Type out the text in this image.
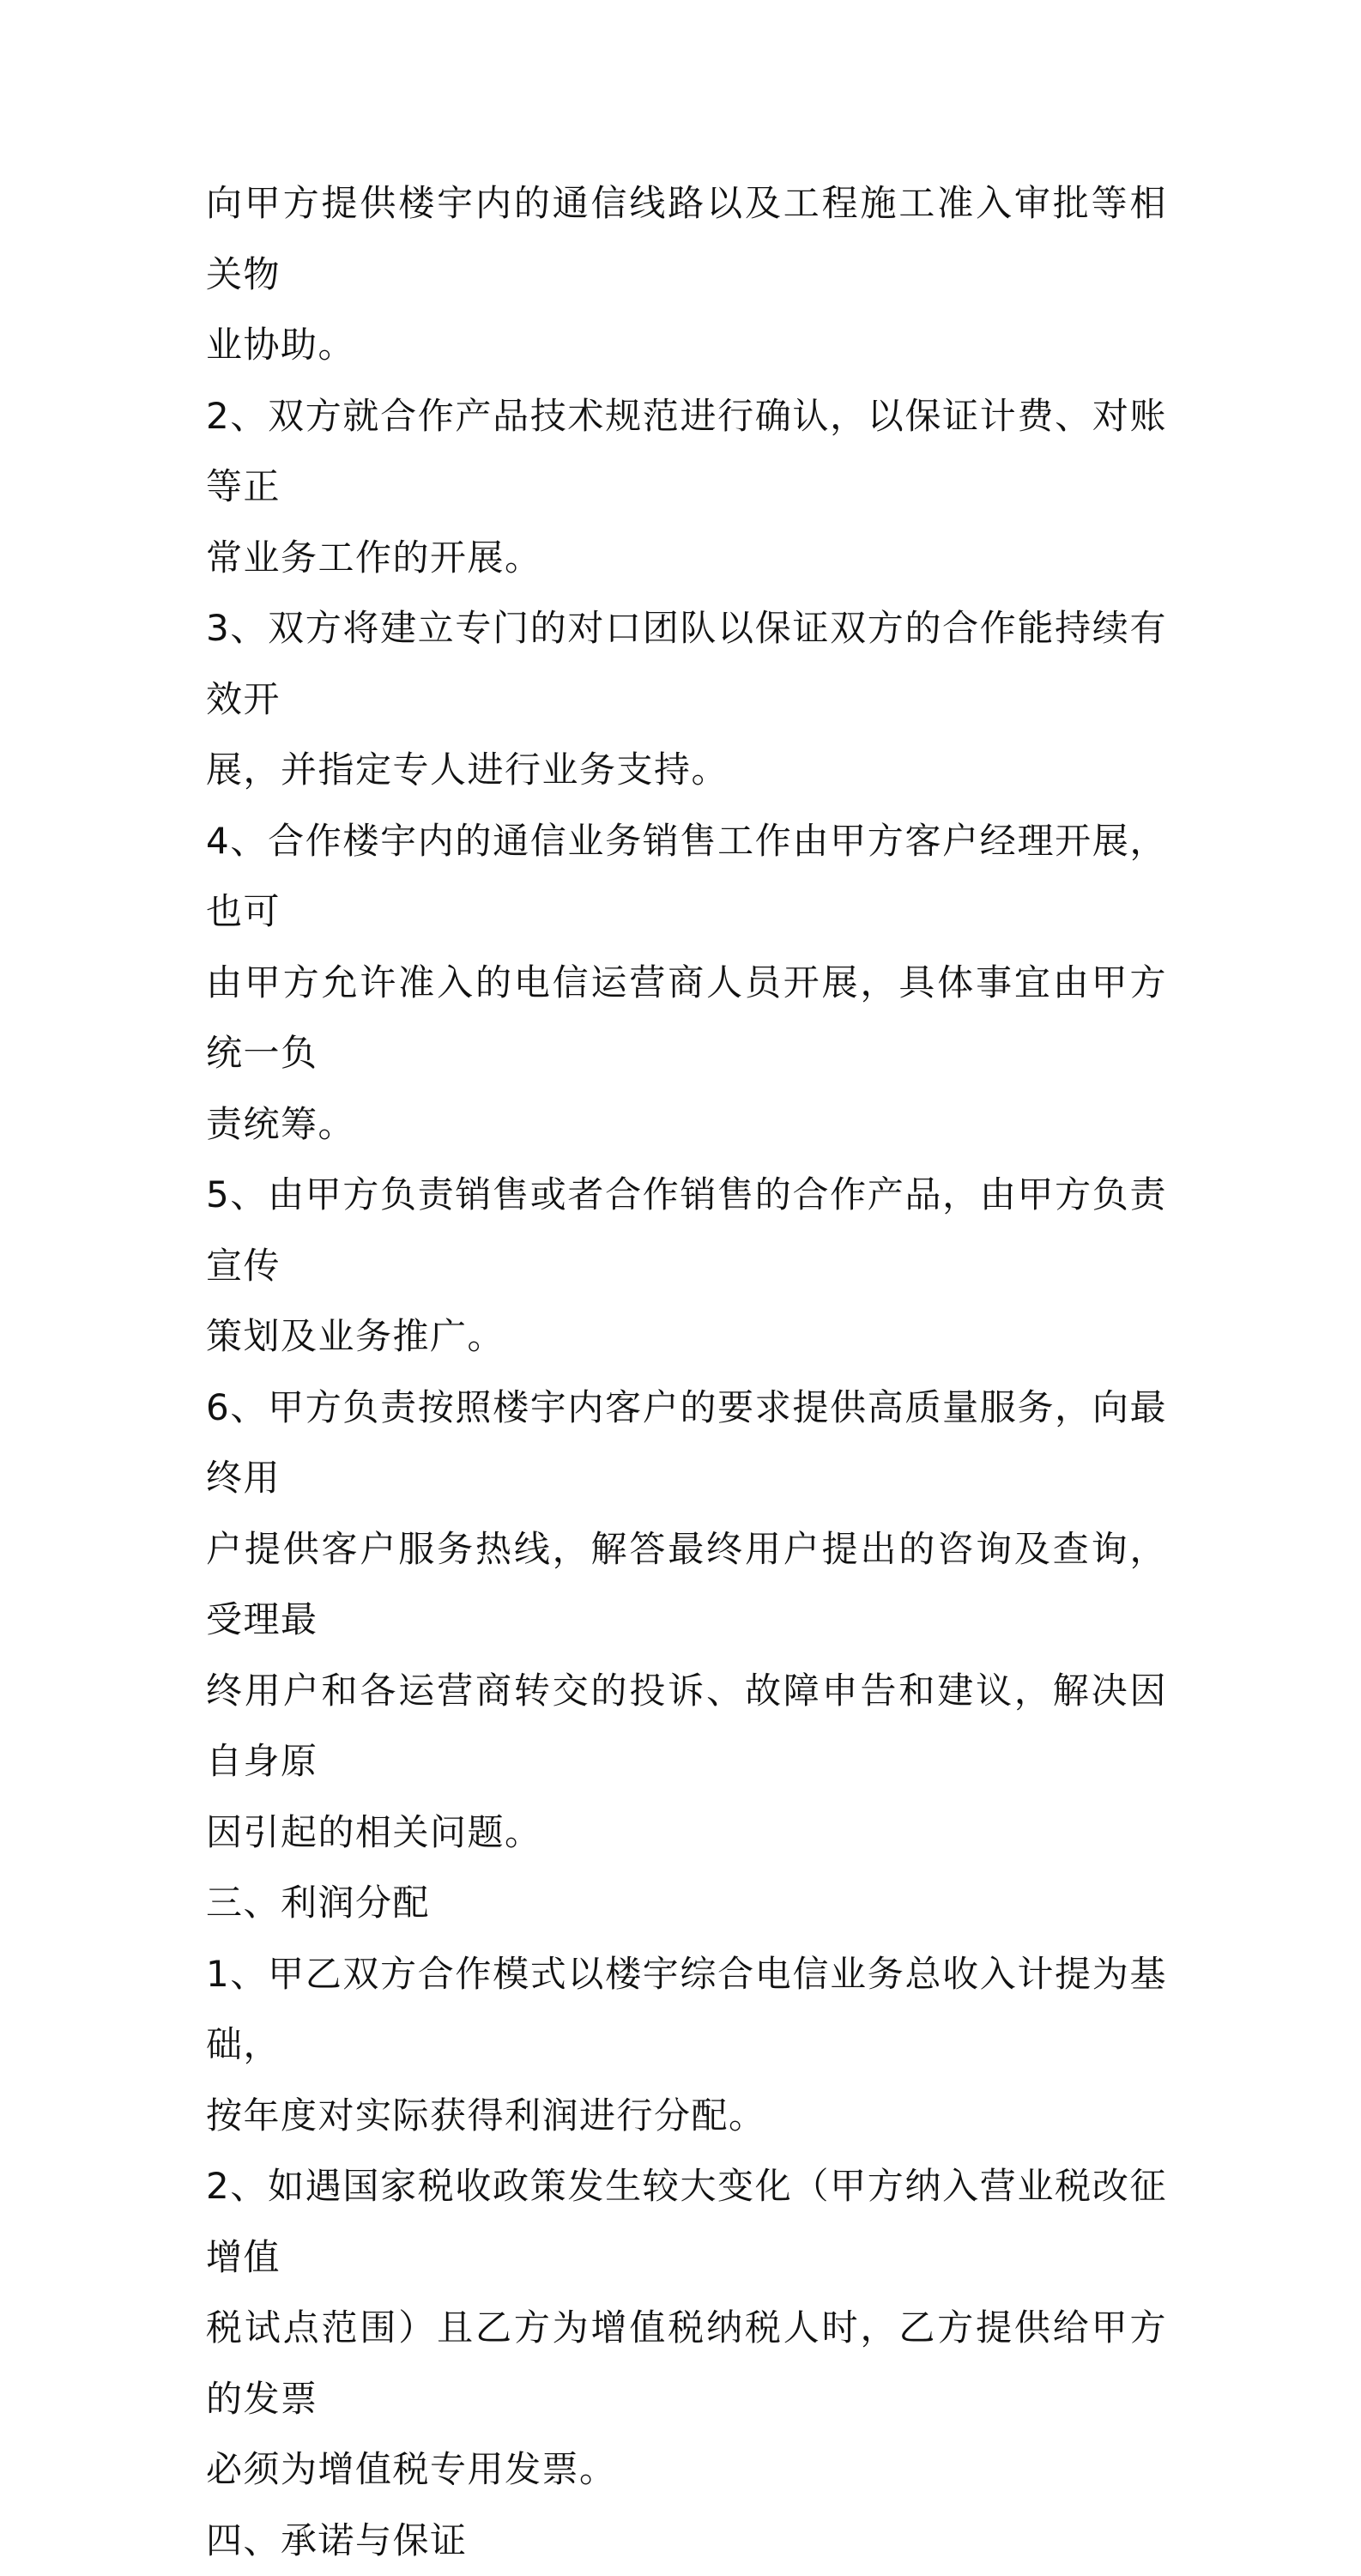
向甲方提供楼宇内的通信线路以及工程施工准入审批等相关物
业协助。

2、双方就合作产品技术规范进行确认，以保证计费、对账等正
常业务工作的开展。

3、双方将建立专门的对口团队以保证双方的合作能持续有效开
展，并指定专人进行业务支持。

4、合作楼宇内的通信业务销售工作由甲方客户经理开展，也可
由甲方允许准入的电信运营商人员开展，具体事宜由甲方统一负
责统筹。

5、由甲方负责销售或者合作销售的合作产品，由甲方负责宣传
策划及业务推广。

6、甲方负责按照楼宇内客户的要求提供高质量服务，向最终用
户提供客户服务热线，解答最终用户提出的咨询及查询，受理最
终用户和各运营商转交的投诉、故障申告和建议，解决因自身原
因引起的相关问题。

三、利润分配

1、甲乙双方合作模式以楼宇综合电信业务总收入计提为基础，
按年度对实际获得利润进行分配。

2、如遇国家税收政策发生较大变化（甲方纳入营业税改征增值
税试点范围）且乙方为增值税纳税人时，乙方提供给甲方的发票
必须为增值税专用发票。

四、承诺与保证
